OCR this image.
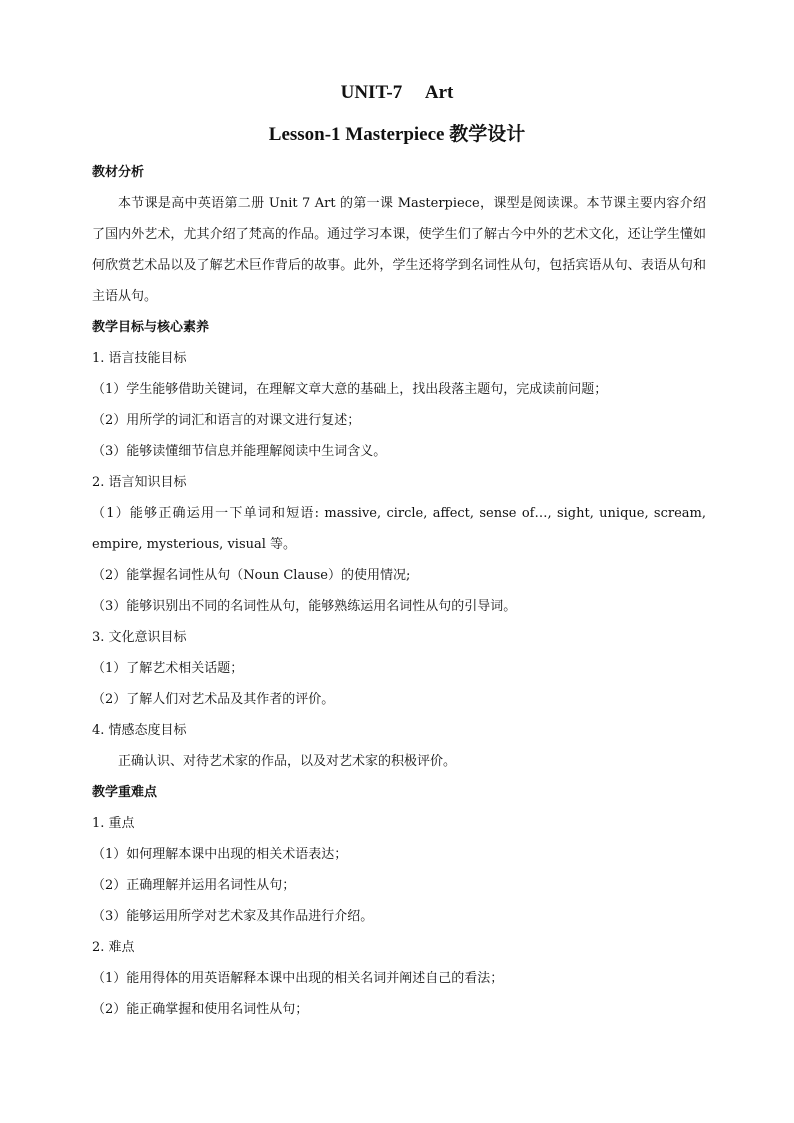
UNIT-7     Art
Lesson-1 Masterpiece 教学设计
教材分析

本节课是高中英语第二册 Unit 7 Art 的第一课 Masterpiece，课型是阅读课。本节课主要内容介绍了国内外艺术，尤其介绍了梵高的作品。通过学习本课，使学生们了解古今中外的艺术文化，还让学生懂如何欣赏艺术品以及了解艺术巨作背后的故事。此外，学生还将学到名词性从句，包括宾语从句、表语从句和主语从句。

教学目标与核心素养
1. 语言技能目标
（1）学生能够借助关键词，在理解文章大意的基础上，找出段落主题句，完成读前问题；
（2）用所学的词汇和语言的对课文进行复述；
（3）能够读懂细节信息并能理解阅读中生词含义。
2. 语言知识目标

（1）能够正确运用一下单词和短语: massive, circle, affect, sense of…, sight, unique, scream, empire, mysterious, visual 等。

（2）能掌握名词性从句（Noun Clause）的使用情况;
（3）能够识别出不同的名词性从句，能够熟练运用名词性从句的引导词。
3. 文化意识目标
（1）了解艺术相关话题；
（2）了解人们对艺术品及其作者的评价。
4. 情感态度目标
正确认识、对待艺术家的作品，以及对艺术家的积极评价。
教学重难点
1. 重点
（1）如何理解本课中出现的相关术语表达；
（2）正确理解并运用名词性从句；
（3）能够运用所学对艺术家及其作品进行介绍。
2. 难点
（1）能用得体的用英语解释本课中出现的相关名词并阐述自己的看法；
（2）能正确掌握和使用名词性从句；
